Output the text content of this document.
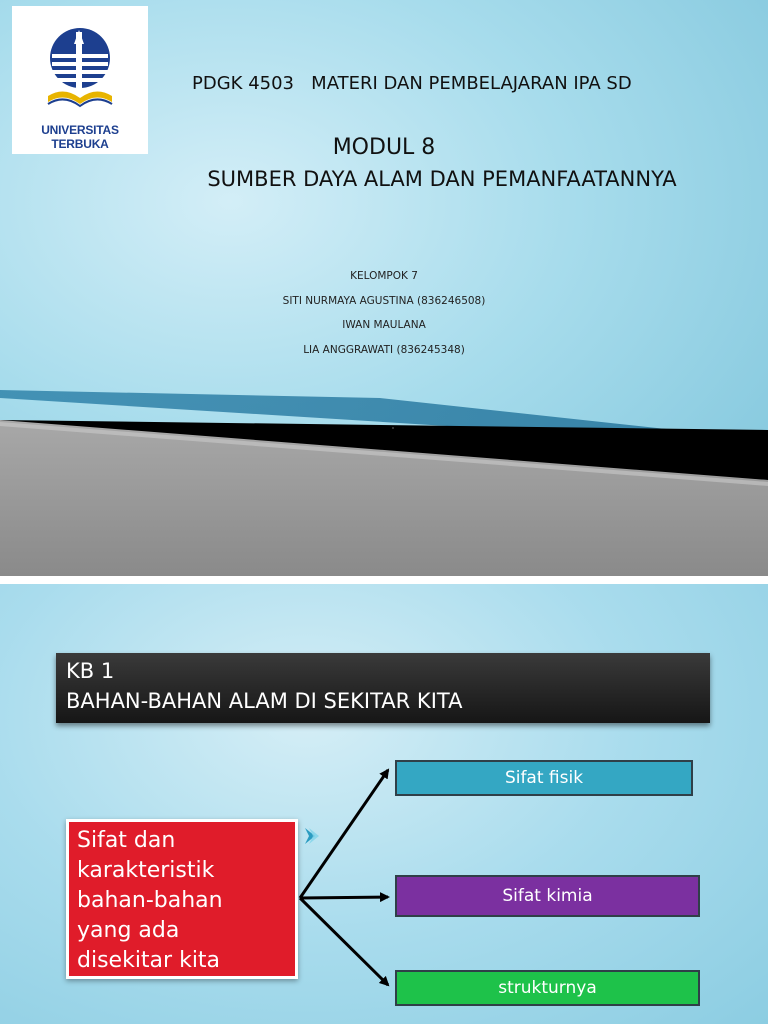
UNIVERSITAS TERBUKA
PDGK 4503   MATERI DAN PEMBELAJARAN IPA SD
MODUL 8
SUMBER DAYA ALAM DAN PEMANFAATANNYA
KELOMPOK 7
SITI NURMAYA AGUSTINA (836246508)
IWAN MAULANA
LIA ANGGRAWATI (836245348)
KB 1
BAHAN-BAHAN ALAM DI SEKITAR KITA
Sifat dan
karakteristik
bahan-bahan
yang ada
disekitar kita
Sifat fisik
Sifat kimia
strukturnya
